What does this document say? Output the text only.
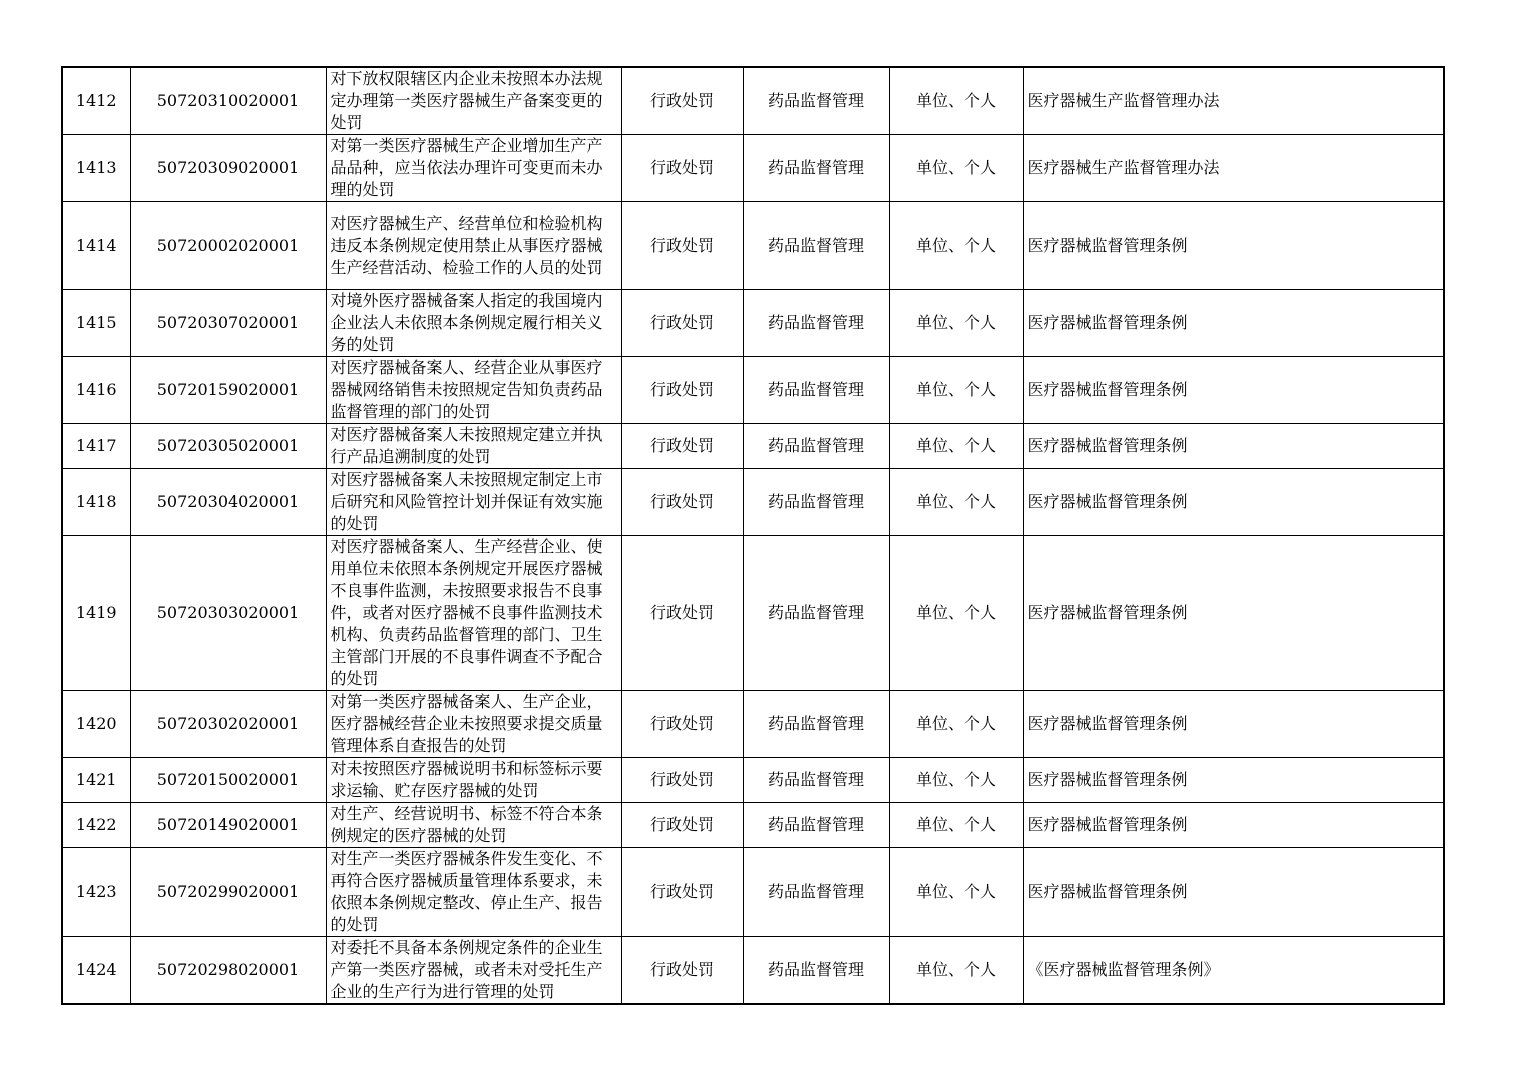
1412	50720310020001	对下放权限辖区内企业未按照本办法规定办理第一类医疗器械生产备案变更的处罚	行政处罚	药品监督管理	单位、个人	医疗器械生产监督管理办法
1413	50720309020001	对第一类医疗器械生产企业增加生产产品品种，应当依法办理许可变更而未办理的处罚	行政处罚	药品监督管理	单位、个人	医疗器械生产监督管理办法
1414	50720002020001	对医疗器械生产、经营单位和检验机构违反本条例规定使用禁止从事医疗器械生产经营活动、检验工作的人员的处罚	行政处罚	药品监督管理	单位、个人	医疗器械监督管理条例
1415	50720307020001	对境外医疗器械备案人指定的我国境内企业法人未依照本条例规定履行相关义务的处罚	行政处罚	药品监督管理	单位、个人	医疗器械监督管理条例
1416	50720159020001	对医疗器械备案人、经营企业从事医疗器械网络销售未按照规定告知负责药品监督管理的部门的处罚	行政处罚	药品监督管理	单位、个人	医疗器械监督管理条例
1417	50720305020001	对医疗器械备案人未按照规定建立并执行产品追溯制度的处罚	行政处罚	药品监督管理	单位、个人	医疗器械监督管理条例
1418	50720304020001	对医疗器械备案人未按照规定制定上市后研究和风险管控计划并保证有效实施的处罚	行政处罚	药品监督管理	单位、个人	医疗器械监督管理条例
1419	50720303020001	对医疗器械备案人、生产经营企业、使用单位未依照本条例规定开展医疗器械不良事件监测，未按照要求报告不良事件，或者对医疗器械不良事件监测技术机构、负责药品监督管理的部门、卫生主管部门开展的不良事件调查不予配合的处罚	行政处罚	药品监督管理	单位、个人	医疗器械监督管理条例
1420	50720302020001	对第一类医疗器械备案人、生产企业，医疗器械经营企业未按照要求提交质量管理体系自查报告的处罚	行政处罚	药品监督管理	单位、个人	医疗器械监督管理条例
1421	50720150020001	对未按照医疗器械说明书和标签标示要求运输、贮存医疗器械的处罚	行政处罚	药品监督管理	单位、个人	医疗器械监督管理条例
1422	50720149020001	对生产、经营说明书、标签不符合本条例规定的医疗器械的处罚	行政处罚	药品监督管理	单位、个人	医疗器械监督管理条例
1423	50720299020001	对生产一类医疗器械条件发生变化、不再符合医疗器械质量管理体系要求，未依照本条例规定整改、停止生产、报告的处罚	行政处罚	药品监督管理	单位、个人	医疗器械监督管理条例
1424	50720298020001	对委托不具备本条例规定条件的企业生产第一类医疗器械，或者未对受托生产企业的生产行为进行管理的处罚	行政处罚	药品监督管理	单位、个人	《医疗器械监督管理条例》
